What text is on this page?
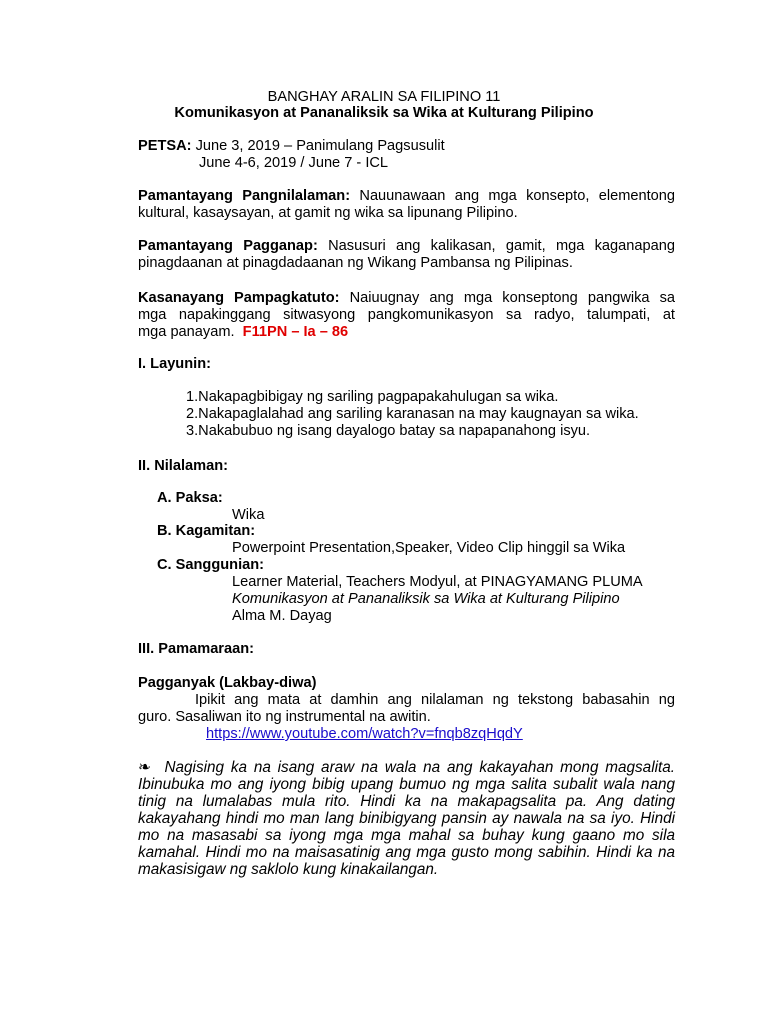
BANGHAY ARALIN SA FILIPINO 11
Komunikasyon at Pananaliksik sa Wika at Kulturang Pilipino
PETSA: June 3, 2019 – Panimulang Pagsusulit
June 4-6, 2019 / June 7 - ICL
Pamantayang Pangnilalaman: Nauunawaan ang mga konsepto, elementong
kultural, kasaysayan, at gamit ng wika sa lipunang Pilipino.
Pamantayang Pagganap: Nasusuri ang kalikasan, gamit, mga kaganapang
pinagdaanan at pinagdadaanan ng Wikang Pambansa ng Pilipinas.
Kasanayang Pampagkatuto: Naiuugnay ang mga konseptong pangwika sa
mga napakinggang sitwasyong pangkomunikasyon sa radyo, talumpati, at
mga panayam. F11PN – Ia – 86
I. Layunin:
1.Nakapagbibigay ng sariling pagpapakahulugan sa wika.
2.Nakapaglalahad ang sariling karanasan na may kaugnayan sa wika.
3.Nakabubuo ng isang dayalogo batay sa napapanahong isyu.
II. Nilalaman:
A. Paksa:
Wika
B. Kagamitan:
Powerpoint Presentation,Speaker, Video Clip hinggil sa Wika
C. Sanggunian:
Learner Material, Teachers Modyul, at PINAGYAMANG PLUMA
Komunikasyon at Pananaliksik sa Wika at Kulturang Pilipino
Alma M. Dayag
III. Pamamaraan:
Pagganyak (Lakbay-diwa)
Ipikit ang mata at damhin ang nilalaman ng tekstong babasahin ng
guro. Sasaliwan ito ng instrumental na awitin.
https://www.youtube.com/watch?v=fnqb8zqHqdY
❧ Nagising ka na isang araw na wala na ang kakayahan mong magsalita.
Ibinubuka mo ang iyong bibig upang bumuo ng mga salita subalit wala nang
tinig na lumalabas mula rito. Hindi ka na makapagsalita pa. Ang dating
kakayahang hindi mo man lang binibigyang pansin ay nawala na sa iyo. Hindi
mo na masasabi sa iyong mga mga mahal sa buhay kung gaano mo sila
kamahal. Hindi mo na maisasatinig ang mga gusto mong sabihin. Hindi ka na
makasisigaw ng saklolo kung kinakailangan.
